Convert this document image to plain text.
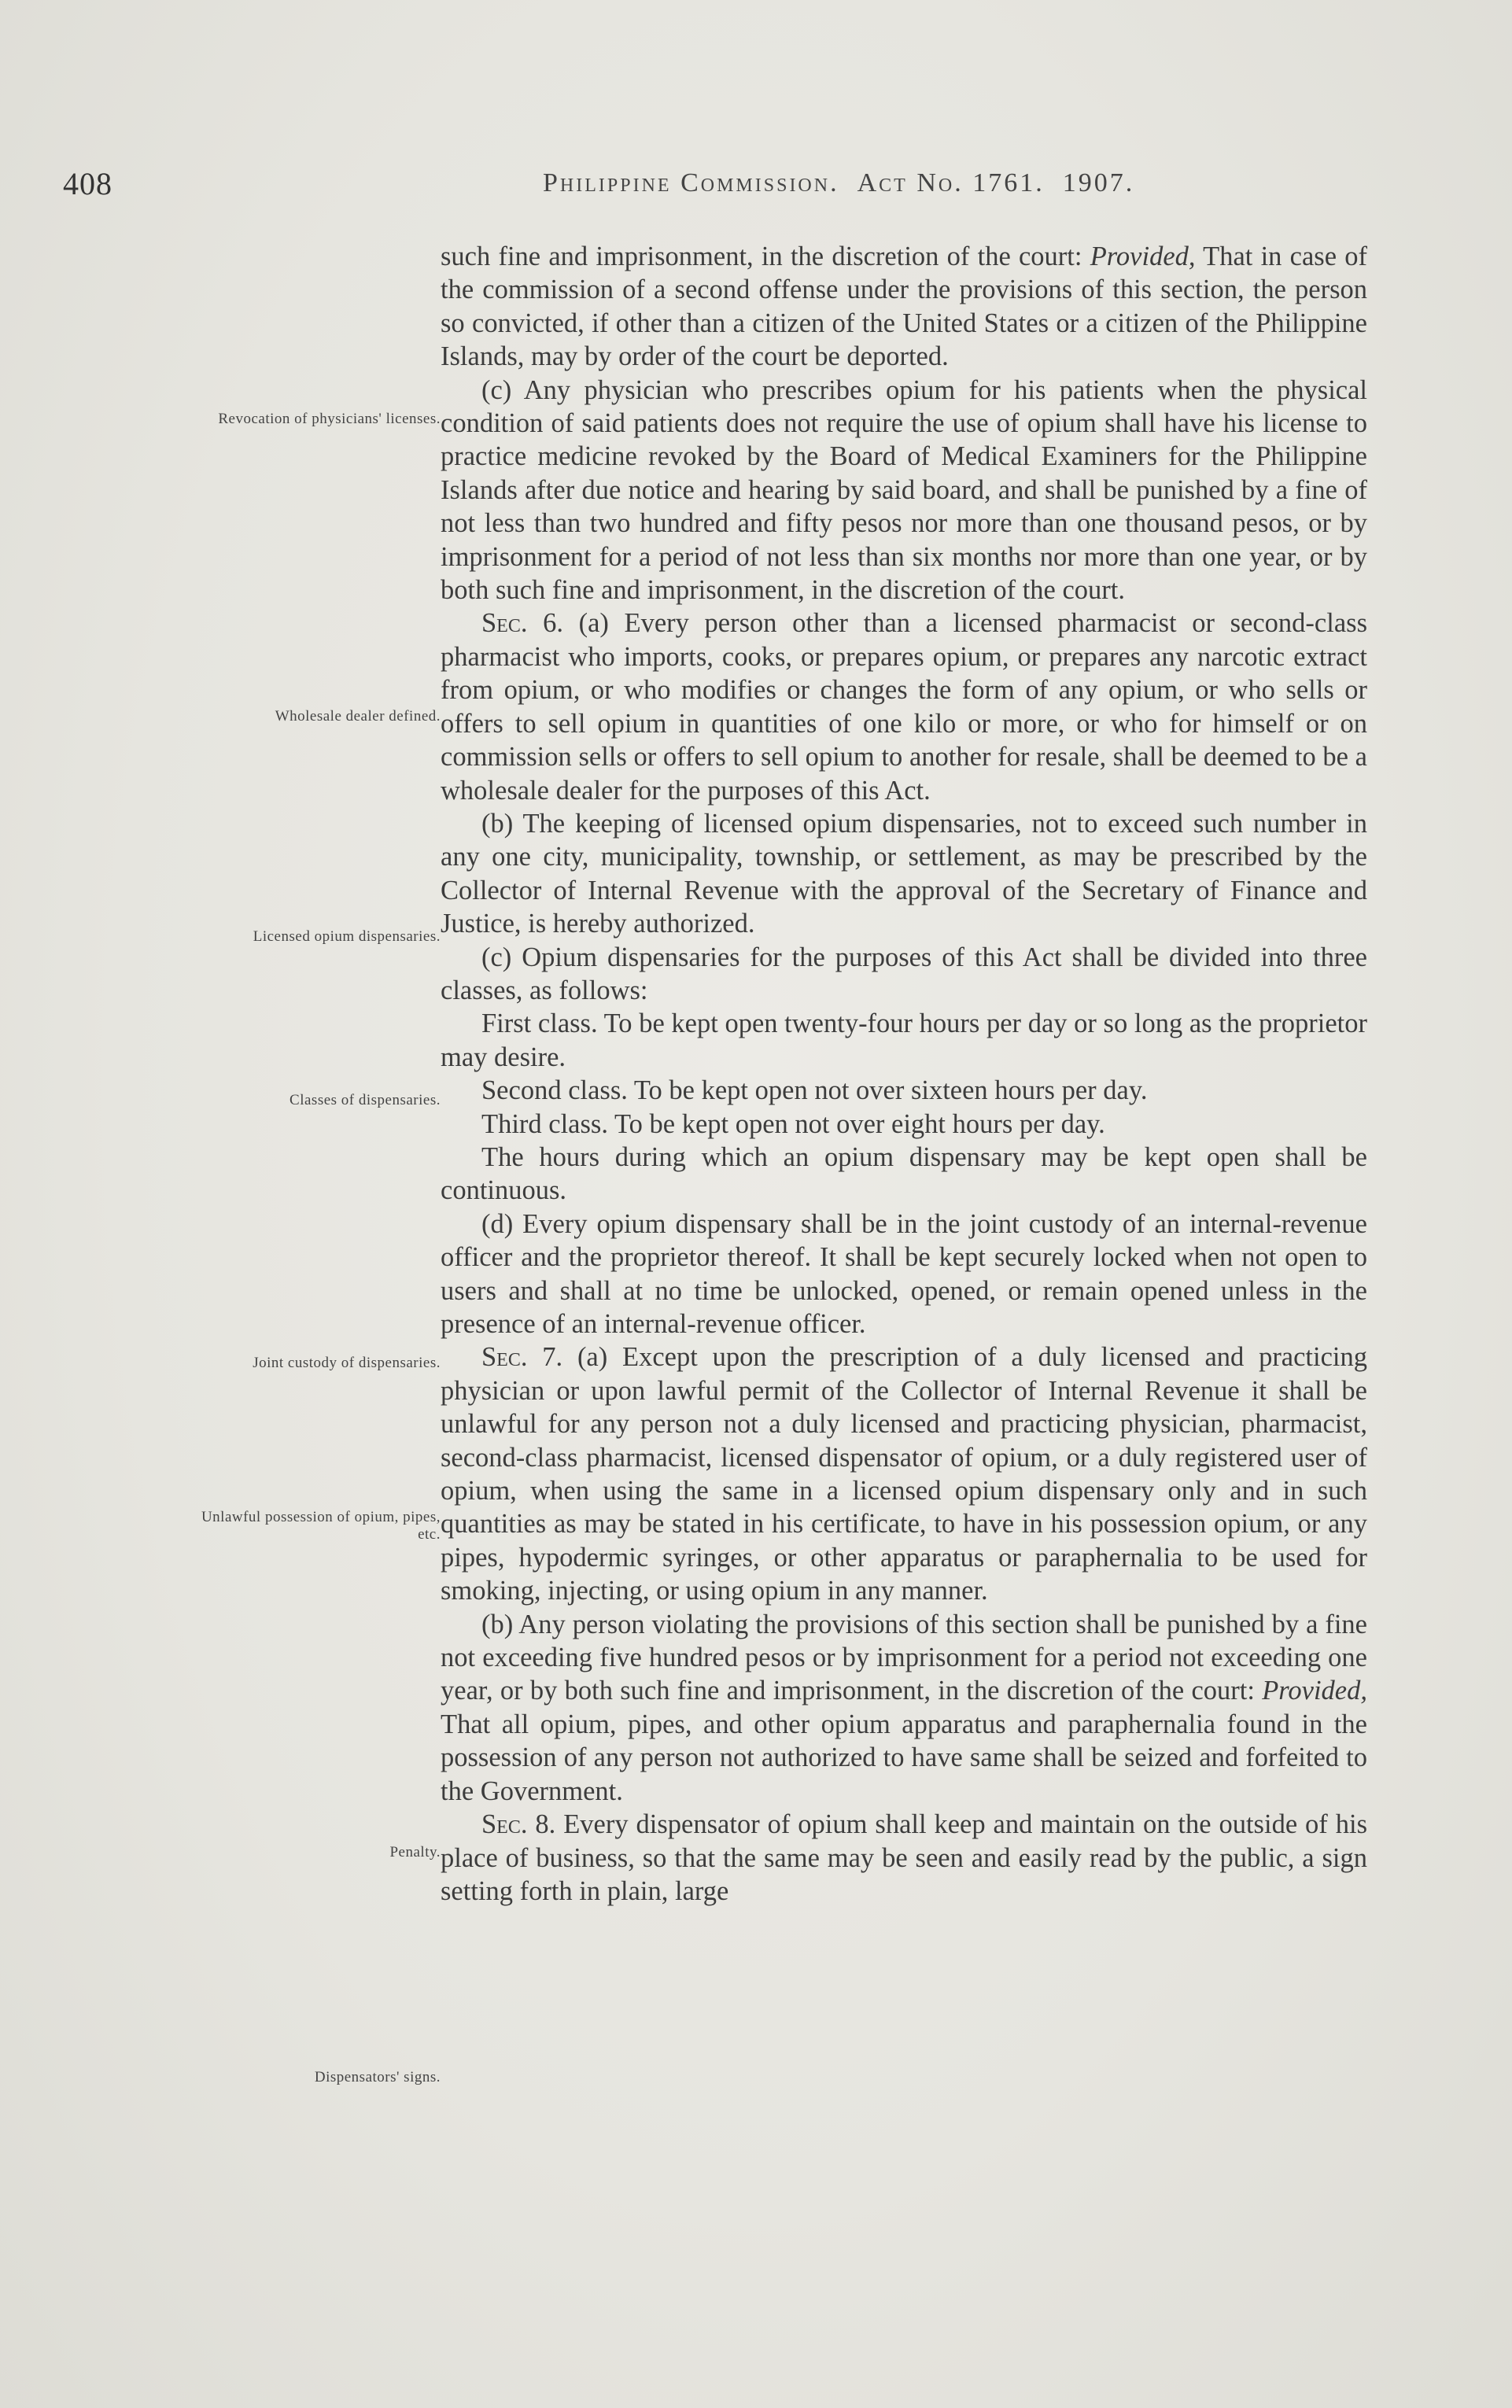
408	Philippine Commission. Act No. 1761. 1907.
Revocation of physicians' licenses.
Wholesale dealer defined.
Licensed opium dispensaries.
Classes of dispensaries.
Joint custody of dispensaries.
Unlawful possession of opium, pipes, etc.
Penalty.
Dispensators' signs.

such fine and imprisonment, in the discretion of the court: Provided, That in case of the commission of a second offense under the provisions of this section, the person so convicted, if other than a citizen of the United States or a citizen of the Philippine Islands, may by order of the court be deported.

(c) Any physician who prescribes opium for his patients when the physical condition of said patients does not require the use of opium shall have his license to practice medicine revoked by the Board of Medical Examiners for the Philippine Islands after due notice and hearing by said board, and shall be punished by a fine of not less than two hundred and fifty pesos nor more than one thousand pesos, or by imprisonment for a period of not less than six months nor more than one year, or by both such fine and imprisonment, in the discretion of the court.

Sec. 6. (a) Every person other than a licensed pharmacist or second-class pharmacist who imports, cooks, or prepares opium, or prepares any narcotic extract from opium, or who modifies or changes the form of any opium, or who sells or offers to sell opium in quantities of one kilo or more, or who for himself or on commission sells or offers to sell opium to another for resale, shall be deemed to be a wholesale dealer for the purposes of this Act.

(b) The keeping of licensed opium dispensaries, not to exceed such number in any one city, municipality, township, or settlement, as may be prescribed by the Collector of Internal Revenue with the approval of the Secretary of Finance and Justice, is hereby authorized.

(c) Opium dispensaries for the purposes of this Act shall be divided into three classes, as follows:

First class. To be kept open twenty-four hours per day or so long as the proprietor may desire.

Second class. To be kept open not over sixteen hours per day.

Third class. To be kept open not over eight hours per day.

The hours during which an opium dispensary may be kept open shall be continuous.

(d) Every opium dispensary shall be in the joint custody of an internal-revenue officer and the proprietor thereof. It shall be kept securely locked when not open to users and shall at no time be unlocked, opened, or remain opened unless in the presence of an internal-revenue officer.

Sec. 7. (a) Except upon the prescription of a duly licensed and practicing physician or upon lawful permit of the Collector of Internal Revenue it shall be unlawful for any person not a duly licensed and practicing physician, pharmacist, second-class pharmacist, licensed dispensator of opium, or a duly registered user of opium, when using the same in a licensed opium dispensary only and in such quantities as may be stated in his certificate, to have in his possession opium, or any pipes, hypodermic syringes, or other apparatus or paraphernalia to be used for smoking, injecting, or using opium in any manner.

(b) Any person violating the provisions of this section shall be punished by a fine not exceeding five hundred pesos or by imprisonment for a period not exceeding one year, or by both such fine and imprisonment, in the discretion of the court: Provided, That all opium, pipes, and other opium apparatus and paraphernalia found in the possession of any person not authorized to have same shall be seized and forfeited to the Government.

Sec. 8. Every dispensator of opium shall keep and maintain on the outside of his place of business, so that the same may be seen and easily read by the public, a sign setting forth in plain, large
